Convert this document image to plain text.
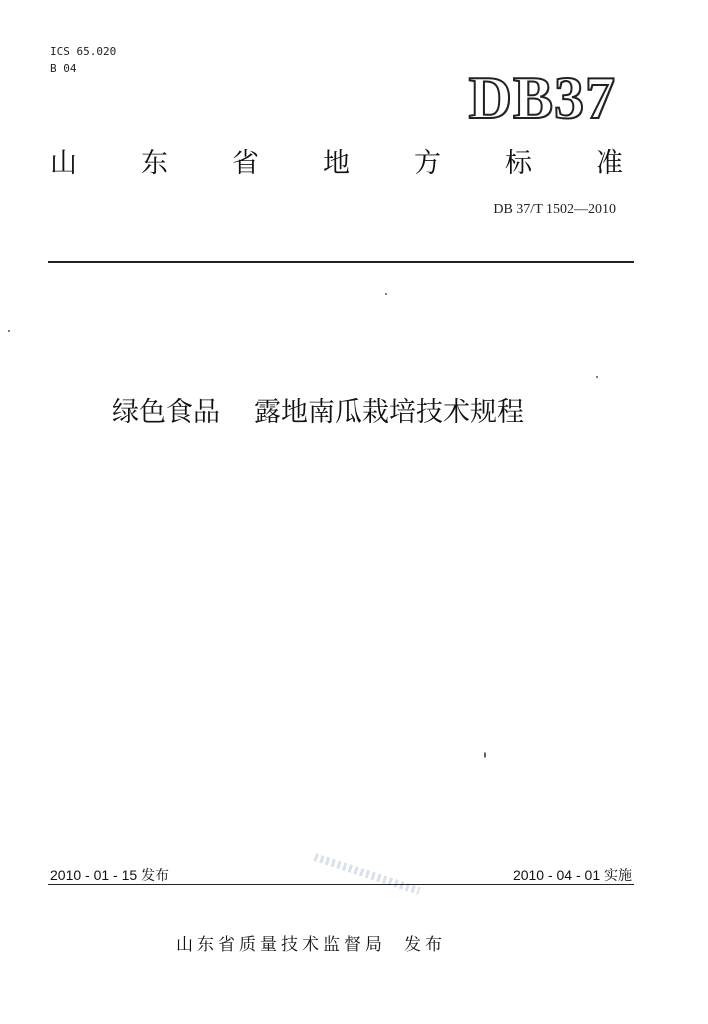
ICS 65.020
B 04	DB37
山 东 省 地 方 标 准
DB 37/T 1502—2010
绿色食品 露地南瓜栽培技术规程
2010 - 01 - 15 发布	2010 - 04 - 01 实施
山东省质量技术监督局 发布
